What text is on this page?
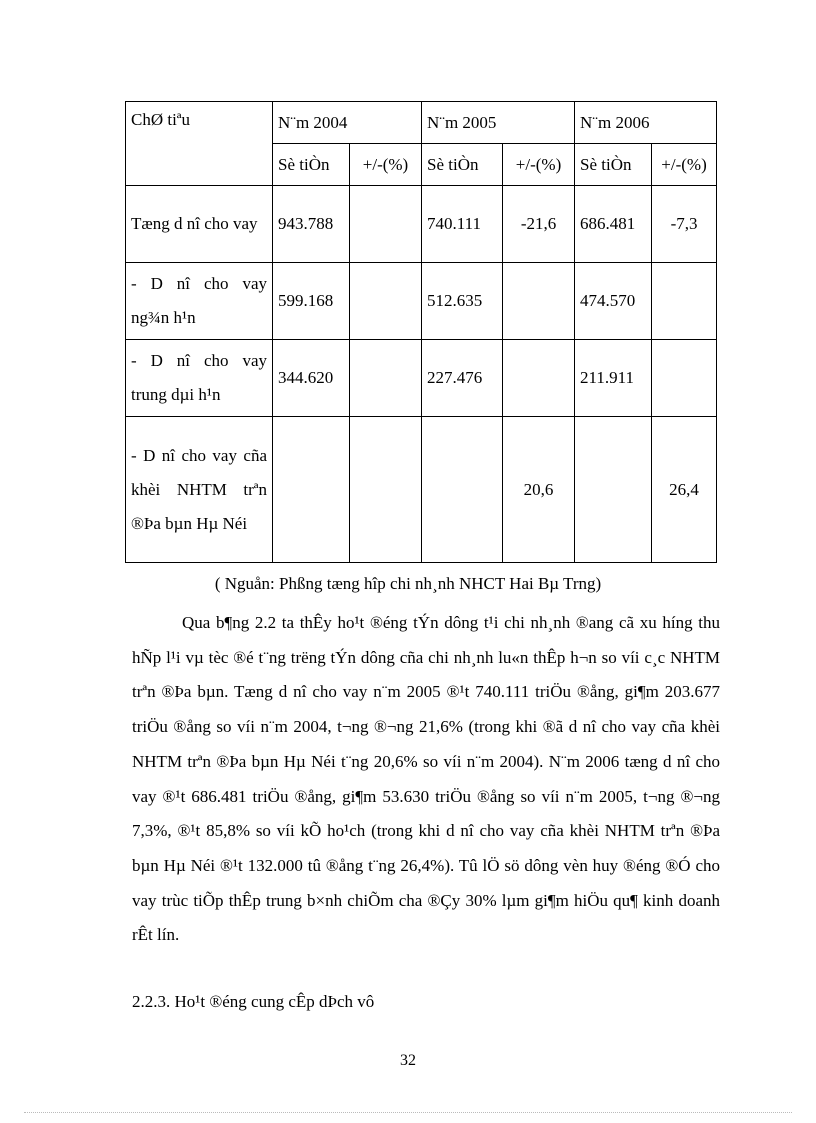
ChØ tiªu	N¨m 2004		N¨m 2005		N¨m 2006	
	Sè tiÒn	+/-(%)	Sè tiÒn	+/-(%)	Sè tiÒn	+/-(%)
Tæng d nî cho vay	943.788		740.111	-21,6	686.481	-7,3
- D nî cho vay ng¾n h¹n	599.168		512.635		474.570	
- D nî cho vay trung dµi h¹n	344.620		227.476		211.911	
- D nî cho vay cña khèi NHTM trªn ®Þa bµn Hµ Néi				20,6		26,4
( Nguån: Phßng tæng hîp chi nh¸nh NHCT Hai Bµ Trng)

Qua b¶ng 2.2 ta thÊy ho¹t ®éng tÝn dông t¹i chi nh¸nh ®ang cã xu híng thu hÑp l¹i vµ tèc ®é t¨ng trëng tÝn dông cña chi nh¸nh lu«n thÊp h¬n so víi c¸c NHTM trªn ®Þa bµn. Tæng d nî cho vay n¨m 2005 ®¹t 740.111 triÖu ®ång, gi¶m 203.677 triÖu ®ång so víi n¨m 2004, t¬ng ®¬ng 21,6% (trong khi ®ã d nî cho vay cña khèi NHTM trªn ®Þa bµn Hµ Néi t¨ng 20,6% so víi n¨m 2004). N¨m 2006 tæng d nî cho vay ®¹t 686.481 triÖu ®ång, gi¶m 53.630 triÖu ®ång so víi n¨m 2005, t¬ng ®¬ng 7,3%, ®¹t 85,8% so víi kÕ ho¹ch (trong khi d nî cho vay cña khèi NHTM trªn ®Þa bµn Hµ Néi ®¹t 132.000 tû ®ång t¨ng 26,4%). Tû lÖ sö dông vèn huy ®éng ®Ó cho vay trùc tiÕp thÊp trung b×nh chiÕm cha ®Çy 30% lµm gi¶m hiÖu qu¶ kinh doanh rÊt lín.

2.2.3. Ho¹t ®éng cung cÊp dÞch vô
32
